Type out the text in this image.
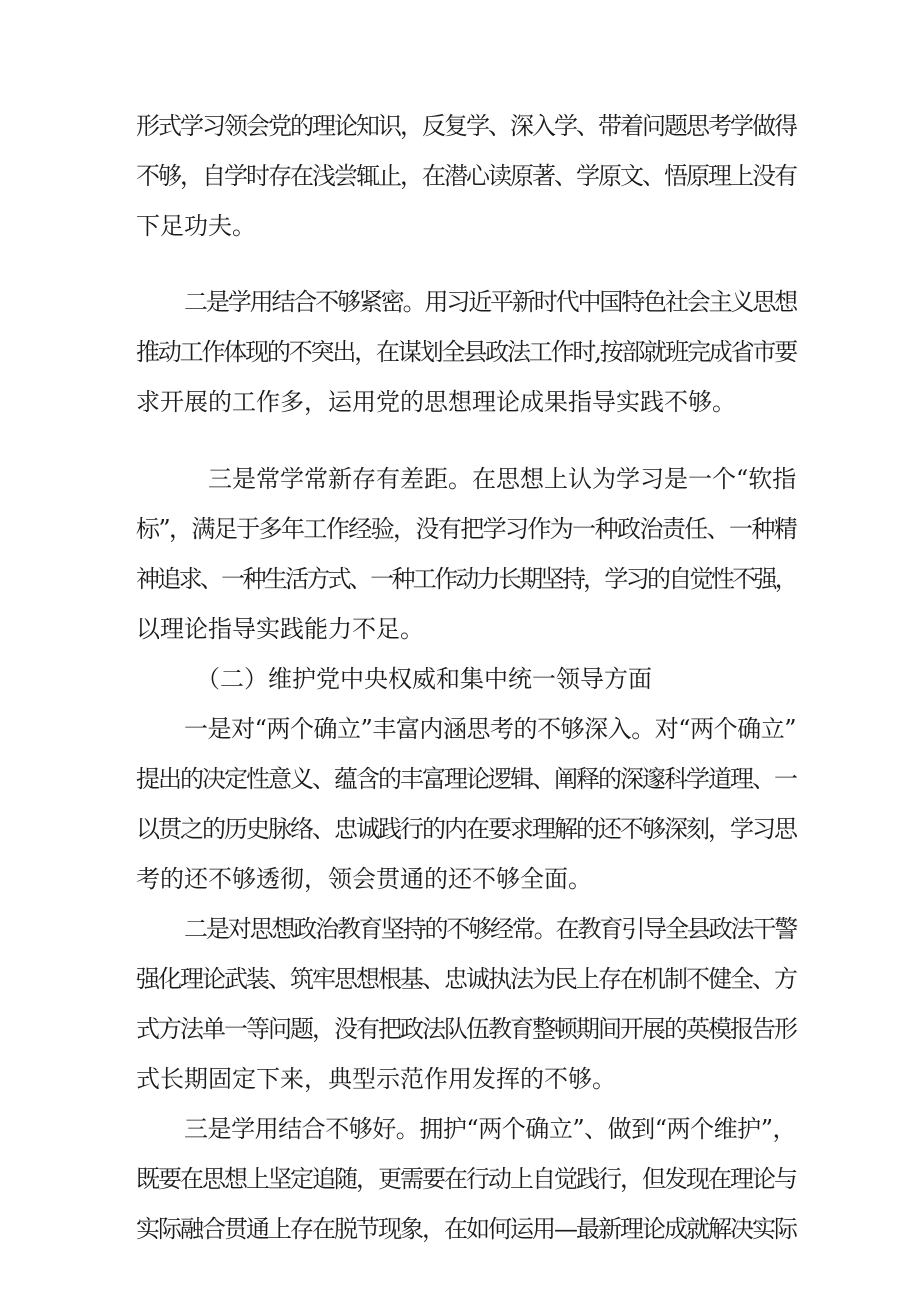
形式学习领会党的理论知识，反复学、深入学、带着问题思考学做得
不够，自学时存在浅尝辄止，在潜心读原著、学原文、悟原理上没有
下足功夫。
二是学用结合不够紧密。用习近平新时代中国特色社会主义思想
推动工作体现的不突出，在谋划全县政法工作时,按部就班完成省市要
求开展的工作多，运用党的思想理论成果指导实践不够。
三是常学常新存有差距。在思想上认为学习是一个“软指
标”，满足于多年工作经验，没有把学习作为一种政治责任、一种精
神追求、一种生活方式、一种工作动力长期坚持，学习的自觉性不强，
以理论指导实践能力不足。
（二）维护党中央权威和集中统一领导方面
一是对“两个确立”丰富内涵思考的不够深入。对“两个确立”
提出的决定性意义、蕴含的丰富理论逻辑、阐释的深邃科学道理、一
以贯之的历史脉络、忠诚践行的内在要求理解的还不够深刻，学习思
考的还不够透彻，领会贯通的还不够全面。
二是对思想政治教育坚持的不够经常。在教育引导全县政法干警
强化理论武装、筑牢思想根基、忠诚执法为民上存在机制不健全、方
式方法单一等问题，没有把政法队伍教育整顿期间开展的英模报告形
式长期固定下来，典型示范作用发挥的不够。
三是学用结合不够好。拥护“两个确立”、做到“两个维护”，
既要在思想上坚定追随，更需要在行动上自觉践行，但发现在理论与
实际融合贯通上存在脱节现象，在如何运用—最新理论成就解决实际
